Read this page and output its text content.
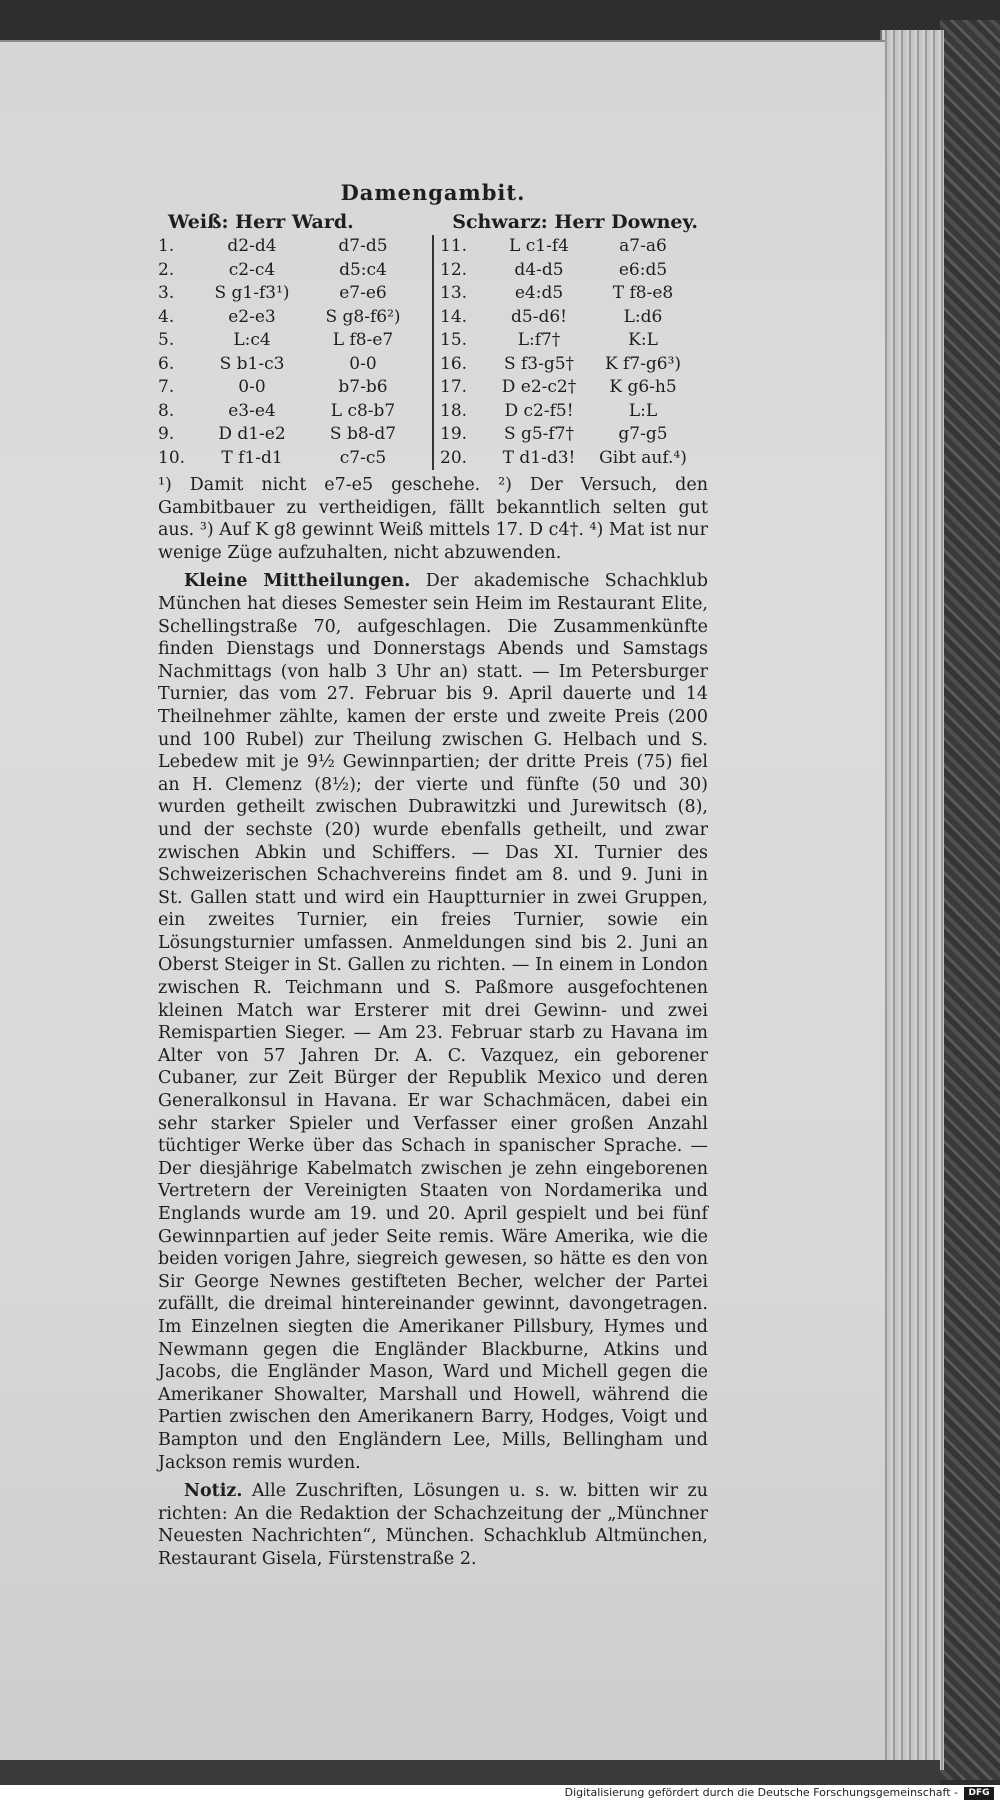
Damengambit.
Weiß: Herr Ward.	Schwarz: Herr Downey.
1.	d2-d4	d7-d5
2.	c2-c4	d5:c4
3.	S g1-f3¹)	e7-e6
4.	e2-e3	S g8-f6²)
5.	L:c4	L f8-e7
6.	S b1-c3	0-0
7.	0-0	b7-b6
8.	e3-e4	L c8-b7
9.	D d1-e2	S b8-d7
10.	T f1-d1	c7-c5
11.	L c1-f4	a7-a6
12.	d4-d5	e6:d5
13.	e4:d5	T f8-e8
14.	d5-d6!	L:d6
15.	L:f7†	K:L
16.	S f3-g5†	K f7-g6³)
17.	D e2-c2†	K g6-h5
18.	D c2-f5!	L:L
19.	S g5-f7†	g7-g5
20.	T d1-d3!	Gibt auf.⁴)

¹) Damit nicht e7-e5 geschehe. ²) Der Versuch, den Gambitbauer zu vertheidigen, fällt bekanntlich selten gut aus. ³) Auf K g8 gewinnt Weiß mittels 17. D c4†. ⁴) Mat ist nur wenige Züge aufzuhalten, nicht abzuwenden.

Kleine Mittheilungen. Der akademische Schachklub München hat dieses Semester sein Heim im Restaurant Elite, Schellingstraße 70, aufgeschlagen. Die Zusammenkünfte finden Dienstags und Donnerstags Abends und Samstags Nachmittags (von halb 3 Uhr an) statt. — Im Petersburger Turnier, das vom 27. Februar bis 9. April dauerte und 14 Theilnehmer zählte, kamen der erste und zweite Preis (200 und 100 Rubel) zur Theilung zwischen G. Helbach und S. Lebedew mit je 9½ Gewinnpartien; der dritte Preis (75) fiel an H. Clemenz (8½); der vierte und fünfte (50 und 30) wurden getheilt zwischen Dubrawitzki und Jurewitsch (8), und der sechste (20) wurde ebenfalls getheilt, und zwar zwischen Abkin und Schiffers. — Das XI. Turnier des Schweizerischen Schachvereins findet am 8. und 9. Juni in St. Gallen statt und wird ein Hauptturnier in zwei Gruppen, ein zweites Turnier, ein freies Turnier, sowie ein Lösungsturnier umfassen. Anmeldungen sind bis 2. Juni an Oberst Steiger in St. Gallen zu richten. — In einem in London zwischen R. Teichmann und S. Paßmore ausgefochtenen kleinen Match war Ersterer mit drei Gewinn- und zwei Remispartien Sieger. — Am 23. Februar starb zu Havana im Alter von 57 Jahren Dr. A. C. Vazquez, ein geborener Cubaner, zur Zeit Bürger der Republik Mexico und deren Generalkonsul in Havana. Er war Schachmäcen, dabei ein sehr starker Spieler und Verfasser einer großen Anzahl tüchtiger Werke über das Schach in spanischer Sprache. — Der diesjährige Kabelmatch zwischen je zehn eingeborenen Vertretern der Vereinigten Staaten von Nordamerika und Englands wurde am 19. und 20. April gespielt und bei fünf Gewinnpartien auf jeder Seite remis. Wäre Amerika, wie die beiden vorigen Jahre, siegreich gewesen, so hätte es den von Sir George Newnes gestifteten Becher, welcher der Partei zufällt, die dreimal hintereinander gewinnt, davongetragen. Im Einzelnen siegten die Amerikaner Pillsbury, Hymes und Newmann gegen die Engländer Blackburne, Atkins und Jacobs, die Engländer Mason, Ward und Michell gegen die Amerikaner Showalter, Marshall und Howell, während die Partien zwischen den Amerikanern Barry, Hodges, Voigt und Bampton und den Engländern Lee, Mills, Bellingham und Jackson remis wurden.

Notiz. Alle Zuschriften, Lösungen u. s. w. bitten wir zu richten: An die Redaktion der Schachzeitung der „Münchner Neuesten Nachrichten“, München. Schachklub Altmünchen, Restaurant Gisela, Fürstenstraße 2.

Digitalisierung gefördert durch die Deutsche Forschungsgemeinschaft -	DFG
